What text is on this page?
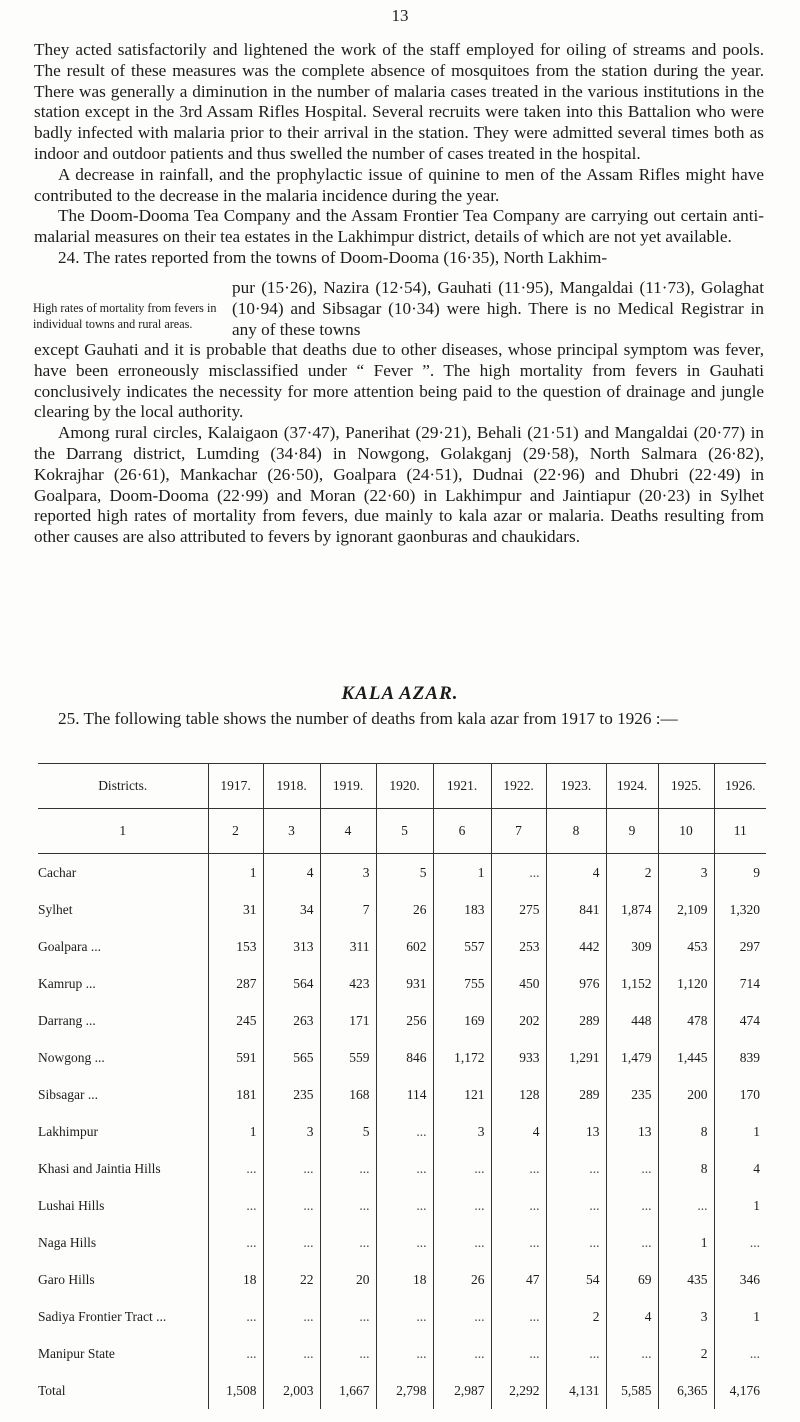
13

They acted satisfactorily and lightened the work of the staff employed for oiling of streams and pools. The result of these measures was the complete absence of mosquitoes from the station during the year. There was generally a diminution in the number of malaria cases treated in the various institutions in the station except in the 3rd Assam Rifles Hospital. Several recruits were taken into this Battalion who were badly infected with malaria prior to their arrival in the station. They were admitted several times both as indoor and outdoor patients and thus swelled the number of cases treated in the hospital.

A decrease in rainfall, and the prophylactic issue of quinine to men of the Assam Rifles might have contributed to the decrease in the malaria incidence during the year.

The Doom-Dooma Tea Company and the Assam Frontier Tea Company are carrying out certain anti-malarial measures on their tea estates in the Lakhimpur district, details of which are not yet available.

24. The rates reported from the towns of Doom-Dooma (16·35), North Lakhim-

High rates of mortality from fevers in individual towns and rural areas.
pur (15·26), Nazira (12·54), Gauhati (11·95), Mangaldai (11·73), Golaghat (10·94) and Sibsagar (10·34) were high. There is no Medical Registrar in any of these towns

except Gauhati and it is probable that deaths due to other diseases, whose principal symptom was fever, have been erroneously misclassified under “ Fever ”. The high mortality from fevers in Gauhati conclusively indicates the necessity for more attention being paid to the question of drainage and jungle clearing by the local authority.

Among rural circles, Kalaigaon (37·47), Panerihat (29·21), Behali (21·51) and Mangaldai (20·77) in the Darrang district, Lumding (34·84) in Nowgong, Golakganj (29·58), North Salmara (26·82), Kokrajhar (26·61), Mankachar (26·50), Goalpara (24·51), Dudnai (22·96) and Dhubri (22·49) in Goalpara, Doom-Dooma (22·99) and Moran (22·60) in Lakhimpur and Jaintiapur (20·23) in Sylhet reported high rates of mortality from fevers, due mainly to kala azar or malaria. Deaths resulting from other causes are also attributed to fevers by ignorant gaonburas and chaukidars.

KALA AZAR.
25. The following table shows the number of deaths from kala azar from 1917 to 1926 :—
Districts.	1917.	1918.	1919.	1920.	1921.	1922.	1923.	1924.	1925.	1926.
1	2	3	4	5	6	7	8	9	10	11
Cachar	1	4	3	5	1	...	4	2	3	9
Sylhet	31	34	7	26	183	275	841	1,874	2,109	1,320
Goalpara ...	153	313	311	602	557	253	442	309	453	297
Kamrup ...	287	564	423	931	755	450	976	1,152	1,120	714
Darrang ...	245	263	171	256	169	202	289	448	478	474
Nowgong ...	591	565	559	846	1,172	933	1,291	1,479	1,445	839
Sibsagar ...	181	235	168	114	121	128	289	235	200	170
Lakhimpur	1	3	5	...	3	4	13	13	8	1
Khasi and Jaintia Hills	...	...	...	...	...	...	...	...	8	4
Lushai Hills	...	...	...	...	...	...	...	...	...	1
Naga Hills	...	...	...	...	...	...	...	...	1	...
Garo Hills	18	22	20	18	26	47	54	69	435	346
Sadiya Frontier Tract ...	...	...	...	...	...	...	2	4	3	1
Manipur State	...	...	...	...	...	...	...	...	2	...
Total	1,508	2,003	1,667	2,798	2,987	2,292	4,131	5,585	6,365	4,176
